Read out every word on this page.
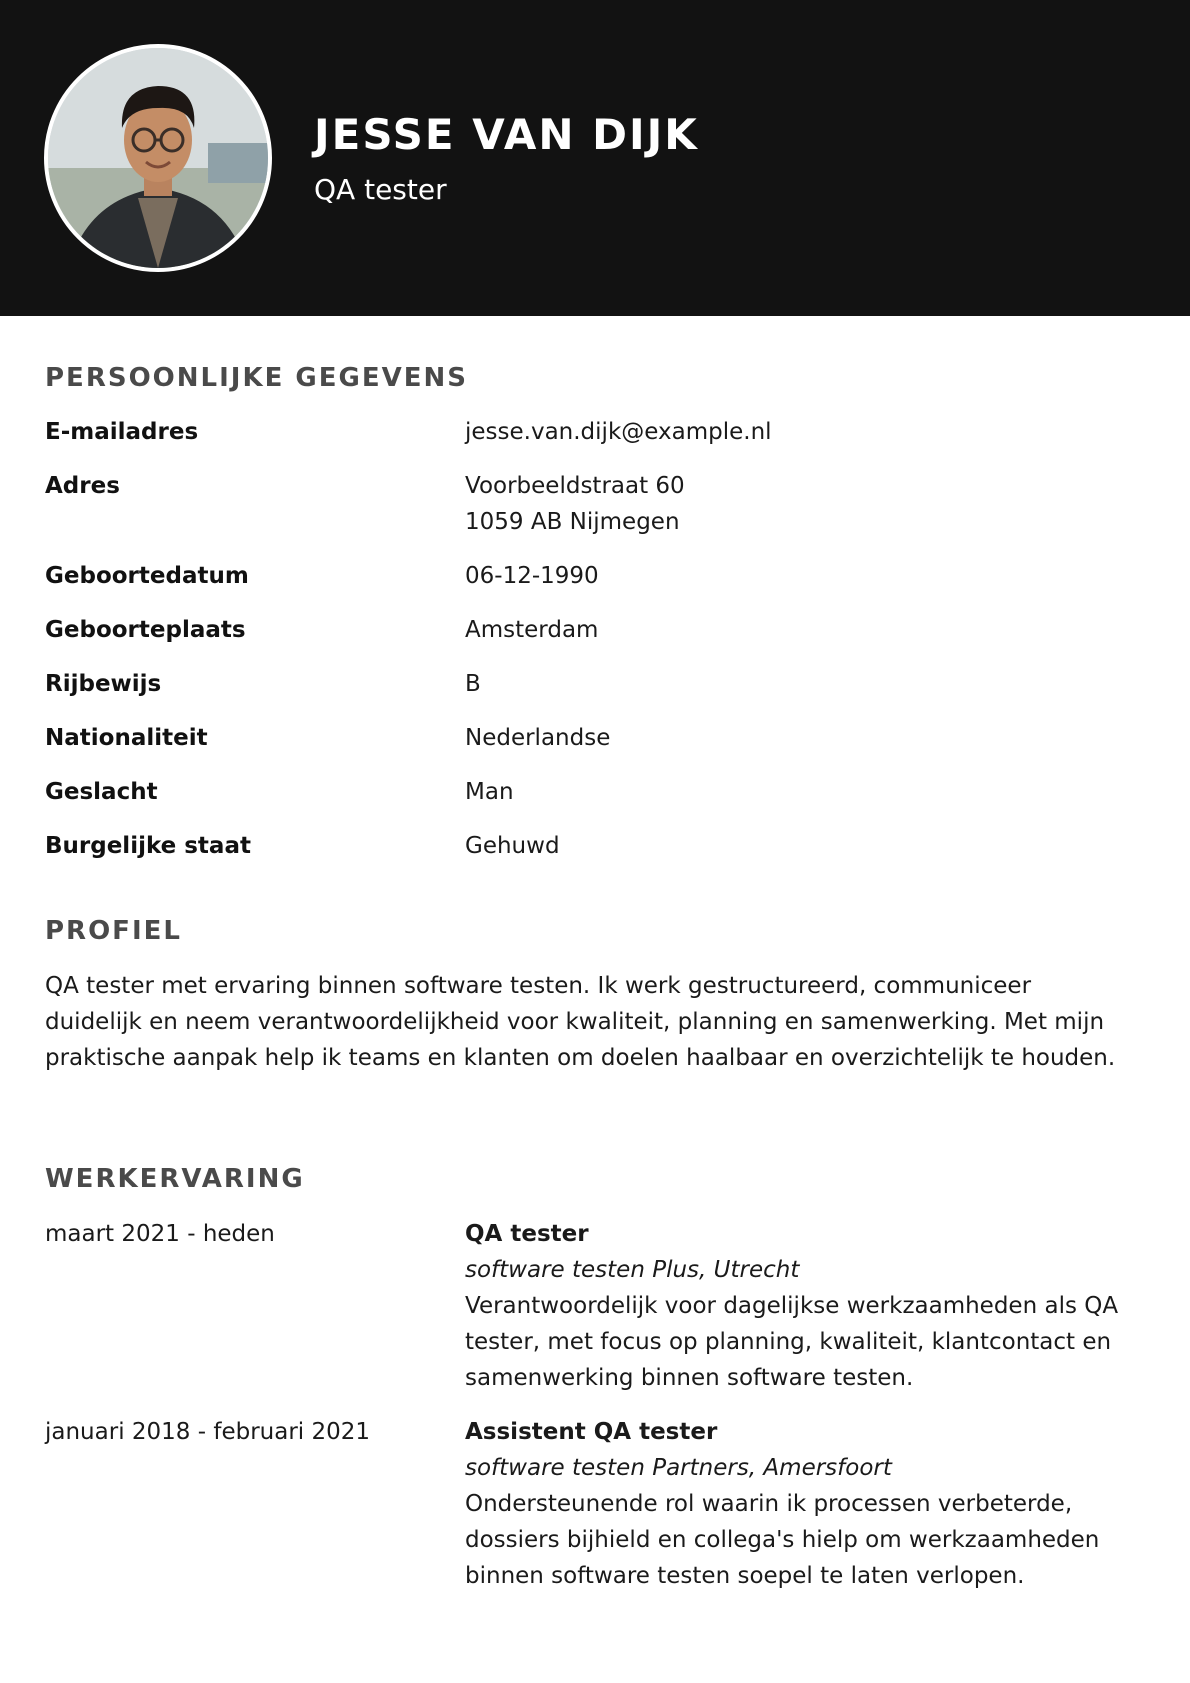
JESSE VAN DIJK
QA tester
PERSOONLIJKE GEGEVENS
E-mailadres	jesse.van.dijk@example.nl
Adres	Voorbeeldstraat 60
1059 AB Nijmegen
Geboortedatum	06-12-1990
Geboorteplaats	Amsterdam
Rijbewijs	B
Nationaliteit	Nederlandse
Geslacht	Man
Burgelijke staat	Gehuwd
PROFIEL
QA tester met ervaring binnen software testen. Ik werk gestructureerd, communiceer duidelijk en neem verantwoordelijkheid voor kwaliteit, planning en samenwerking. Met mijn praktische aanpak help ik teams en klanten om doelen haalbaar en overzichtelijk te houden.
WERKERVARING
maart 2021 - heden	QA tester
software testen Plus, Utrecht
Verantwoordelijk voor dagelijkse werkzaamheden als QA tester, met focus op planning, kwaliteit, klantcontact en samenwerking binnen software testen.
januari 2018 - februari 2021	Assistent QA tester
software testen Partners, Amersfoort
Ondersteunende rol waarin ik processen verbeterde, dossiers bijhield en collega's hielp om werkzaamheden binnen software testen soepel te laten verlopen.
